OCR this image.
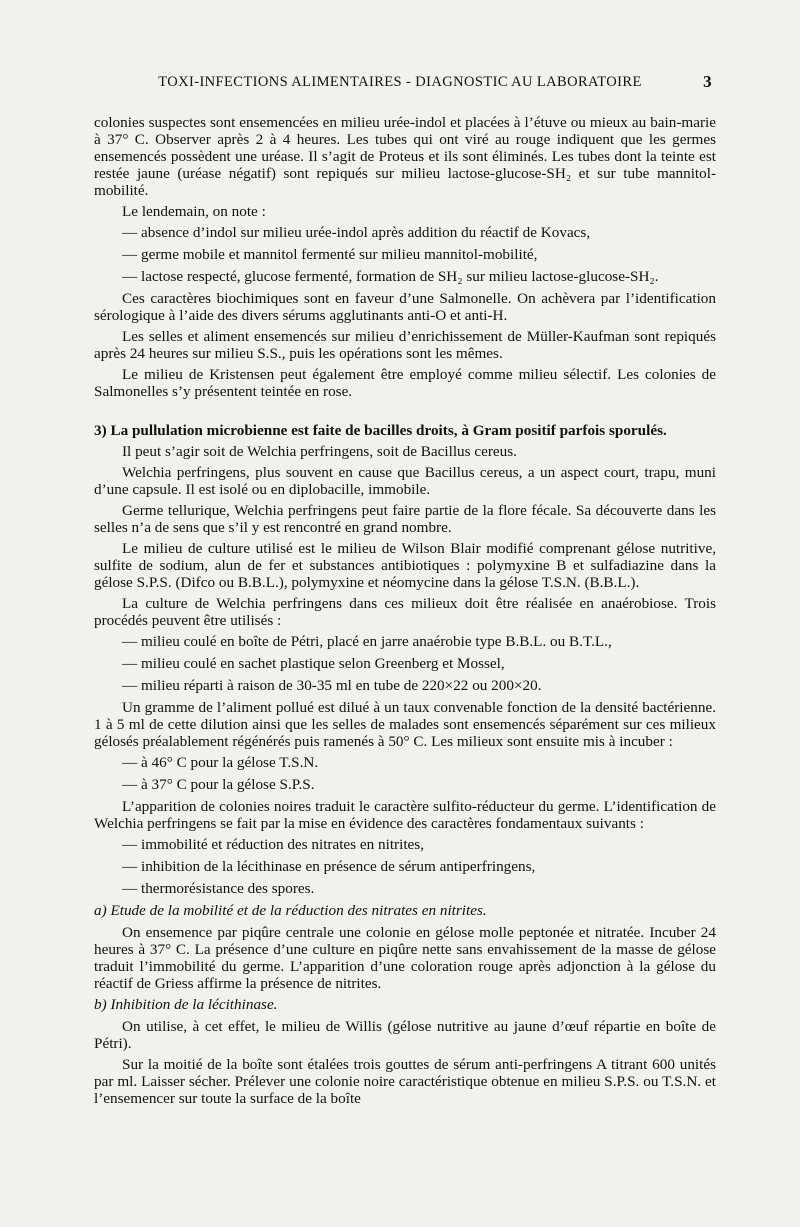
TOXI-INFECTIONS ALIMENTAIRES - DIAGNOSTIC AU LABORATOIRE	3

colonies suspectes sont ensemencées en milieu urée-indol et placées à l’étuve ou mieux au bain-marie à 37° C. Observer après 2 à 4 heures. Les tubes qui ont viré au rouge indiquent que les germes ensemencés possèdent une uréase. Il s’agit de Proteus et ils sont éliminés. Les tubes dont la teinte est restée jaune (uréase négatif) sont repiqués sur milieu lactose-glucose-SH₂ et sur tube mannitol-mobilité.

Le lendemain, on note :

— absence d’indol sur milieu urée-indol après addition du réactif de Kovacs,

— germe mobile et mannitol fermenté sur milieu mannitol-mobilité,

— lactose respecté, glucose fermenté, formation de SH₂ sur milieu lactose-glucose-SH₂.

Ces caractères biochimiques sont en faveur d’une Salmonelle. On achèvera par l’identification sérologique à l’aide des divers sérums agglutinants anti-O et anti-H.

Les selles et aliment ensemencés sur milieu d’enrichissement de Müller-Kaufman sont repiqués après 24 heures sur milieu S.S., puis les opérations sont les mêmes.

Le milieu de Kristensen peut également être employé comme milieu sélectif. Les colonies de Salmonelles s’y présentent teintée en rose.

3) La pullulation microbienne est faite de bacilles droits, à Gram positif parfois sporulés.

Il peut s’agir soit de Welchia perfringens, soit de Bacillus cereus.

Welchia perfringens, plus souvent en cause que Bacillus cereus, a un aspect court, trapu, muni d’une capsule. Il est isolé ou en diplobacille, immobile.

Germe tellurique, Welchia perfringens peut faire partie de la flore fécale. Sa découverte dans les selles n’a de sens que s’il y est rencontré en grand nombre.

Le milieu de culture utilisé est le milieu de Wilson Blair modifié comprenant gélose nutritive, sulfite de sodium, alun de fer et substances antibiotiques : polymyxine B et sulfadiazine dans la gélose S.P.S. (Difco ou B.B.L.), polymyxine et néomycine dans la gélose T.S.N. (B.B.L.).

La culture de Welchia perfringens dans ces milieux doit être réalisée en anaérobiose. Trois procédés peuvent être utilisés :

— milieu coulé en boîte de Pétri, placé en jarre anaérobie type B.B.L. ou B.T.L.,

— milieu coulé en sachet plastique selon Greenberg et Mossel,

— milieu réparti à raison de 30-35 ml en tube de 220×22 ou 200×20.

Un gramme de l’aliment pollué est dilué à un taux convenable fonction de la densité bactérienne. 1 à 5 ml de cette dilution ainsi que les selles de malades sont ensemencés séparément sur ces milieux gélosés préalablement régénérés puis ramenés à 50° C. Les milieux sont ensuite mis à incuber :

— à 46° C pour la gélose T.S.N.

— à 37° C pour la gélose S.P.S.

L’apparition de colonies noires traduit le caractère sulfito-réducteur du germe. L’identification de Welchia perfringens se fait par la mise en évidence des caractères fondamentaux suivants :

— immobilité et réduction des nitrates en nitrites,

— inhibition de la lécithinase en présence de sérum antiperfringens,

— thermorésistance des spores.

a) Etude de la mobilité et de la réduction des nitrates en nitrites.

On ensemence par piqûre centrale une colonie en gélose molle peptonée et nitratée. Incuber 24 heures à 37° C. La présence d’une culture en piqûre nette sans envahissement de la masse de gélose traduit l’immobilité du germe. L’apparition d’une coloration rouge après adjonction à la gélose du réactif de Griess affirme la présence de nitrites.

b) Inhibition de la lécithinase.

On utilise, à cet effet, le milieu de Willis (gélose nutritive au jaune d’œuf répartie en boîte de Pétri).

Sur la moitié de la boîte sont étalées trois gouttes de sérum anti-perfringens A titrant 600 unités par ml. Laisser sécher. Prélever une colonie noire caractéristique obtenue en milieu S.P.S. ou T.S.N. et l’ensemencer sur toute la surface de la boîte
